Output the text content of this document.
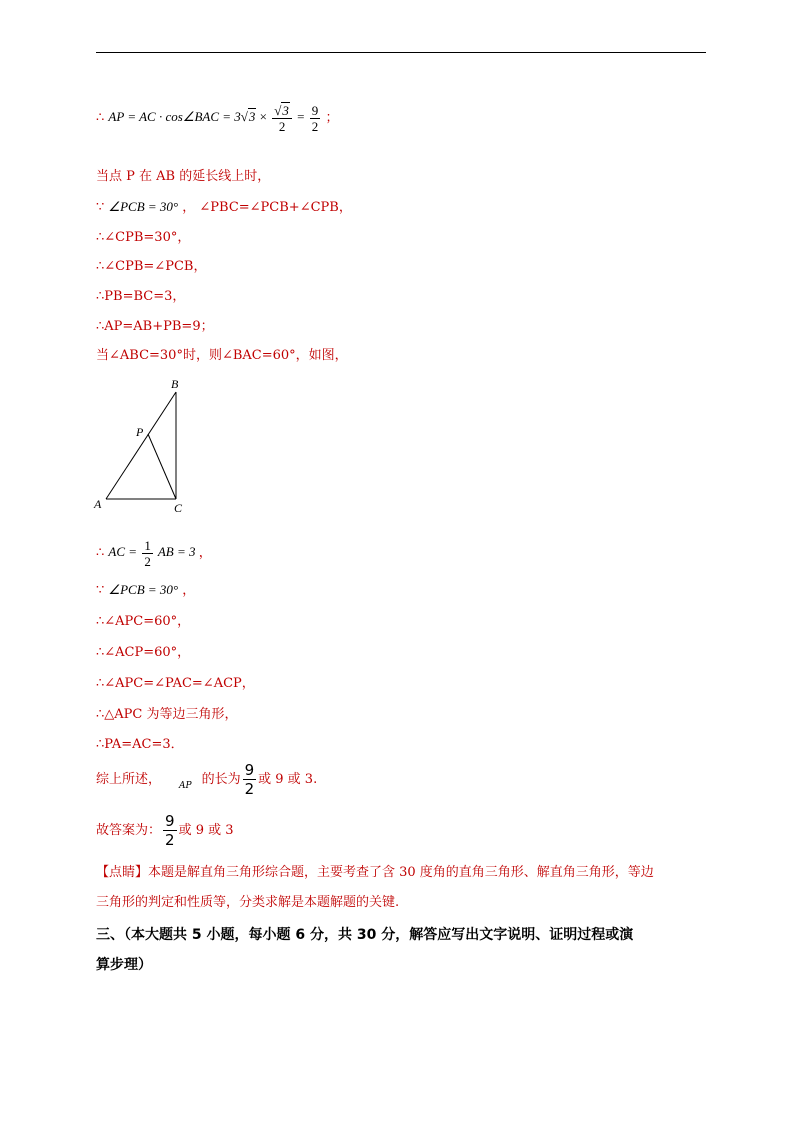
∴ AP = AC · cos∠BAC = $3√3 \times \frac{√3}{2} = \frac{9}{2}$ ；
当点 P 在 AB 的延长线上时，
∵ ∠PCB = 30° ， ∠PBC=∠PCB+∠CPB，
∴∠CPB=30°，
∴∠CPB=∠PCB，
∴PB=BC=3，
∴AP=AB+PB=9；
当∠ABC=30°时，则∠BAC=60°，如图，
A
B
C
P
∴ AC = $\frac{1}{2}$ AB = 3 ，
∵ ∠PCB = 30° ，
∴∠APC=60°，
∴∠ACP=60°，
∴∠APC=∠PAC=∠ACP，
∴△APC 为等边三角形，
∴PA=AC=3．
综上所述， $_{AP}$ 的长为 $\frac{9}{2}$ 或 9 或 3.
故答案为： $\frac{9}{2}$ 或 9 或 3
【点睛】本题是解直角三角形综合题，主要考查了含 30 度角的直角三角形、解直角三角形，等边
三角形的判定和性质等，分类求解是本题解题的关键.
三、（本大题共 5 小题，每小题 6 分，共 30 分，解答应写出文字说明、证明过程或演
算步理）
